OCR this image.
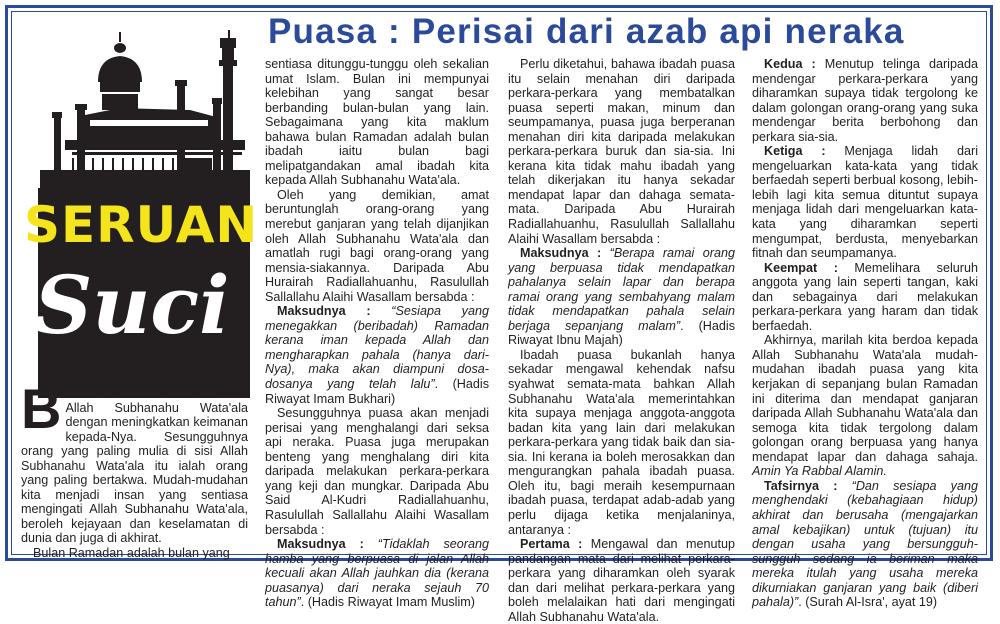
Puasa : Perisai dari azab api neraka
SERUAN
Suci

BERTAKWALAH kita ke hadrat Allah Subhanahu Wata'ala dengan meningkatkan keimanan kepada-Nya. Sesungguhnya orang yang paling mulia di sisi Allah Subhanahu Wata'ala itu ialah orang yang paling bertakwa. Mudah-mudahan kita menjadi insan yang sentiasa mengingati Allah Subhanahu Wata'ala, beroleh kejayaan dan keselamatan di dunia dan juga di akhirat.

Bulan Ramadan adalah bulan yang

sentiasa ditunggu-tunggu oleh sekalian umat Islam. Bulan ini mempunyai kelebihan yang sangat besar berbanding bulan-bulan yang lain. Sebagaimana yang kita maklum bahawa bulan Ramadan adalah bulan ibadah iaitu bulan bagi melipatgandakan amal ibadah kita kepada Allah Subhanahu Wata'ala.

Oleh yang demikian, amat beruntunglah orang-orang yang merebut ganjaran yang telah dijanjikan oleh Allah Subhanahu Wata'ala dan amatlah rugi bagi orang-orang yang mensia-siakannya. Daripada Abu Hurairah Radiallahuanhu, Rasulullah Sallallahu Alaihi Wasallam bersabda :

Maksudnya : “Sesiapa yang menegakkan (beribadah) Ramadan kerana iman kepada Allah dan mengharapkan pahala (hanya dari-Nya), maka akan diampuni dosa-dosanya yang telah lalu”. (Hadis Riwayat Imam Bukhari)

Sesungguhnya puasa akan menjadi perisai yang menghalangi dari seksa api neraka. Puasa juga merupakan benteng yang menghalang diri kita daripada melakukan perkara-perkara yang keji dan mungkar. Daripada Abu Said Al-Kudri Radiallahuanhu, Rasulullah Sallallahu Alaihi Wasallam bersabda :

Maksudnya : “Tidaklah seorang hamba yang berpuasa di jalan Allah kecuali akan Allah jauhkan dia (kerana puasanya) dari neraka sejauh 70 tahun”. (Hadis Riwayat Imam Muslim)

Perlu diketahui, bahawa ibadah puasa itu selain menahan diri daripada perkara-perkara yang membatalkan puasa seperti makan, minum dan seumpamanya, puasa juga berperanan menahan diri kita daripada melakukan perkara-perkara buruk dan sia-sia. Ini kerana kita tidak mahu ibadah yang telah dikerjakan itu hanya sekadar mendapat lapar dan dahaga semata-mata. Daripada Abu Hurairah Radiallahuanhu, Rasulullah Sallallahu Alaihi Wasallam bersabda :

Maksudnya : “Berapa ramai orang yang berpuasa tidak mendapatkan pahalanya selain lapar dan berapa ramai orang yang sembahyang malam tidak mendapatkan pahala selain berjaga sepanjang malam”. (Hadis Riwayat Ibnu Majah)

Ibadah puasa bukanlah hanya sekadar mengawal kehendak nafsu syahwat semata-mata bahkan Allah Subhanahu Wata'ala memerintahkan kita supaya menjaga anggota-anggota badan kita yang lain dari melakukan perkara-perkara yang tidak baik dan sia-sia. Ini kerana ia boleh merosakkan dan mengurangkan pahala ibadah puasa. Oleh itu, bagi meraih kesempurnaan ibadah puasa, terdapat adab-adab yang perlu dijaga ketika menjalaninya, antaranya :

Pertama : Mengawal dan menutup pandangan mata dari melihat perkara-perkara yang diharamkan oleh syarak dan dari melihat perkara-perkara yang boleh melalaikan hati dari mengingati Allah Subhanahu Wata'ala.

Kedua : Menutup telinga daripada mendengar perkara-perkara yang diharamkan supaya tidak tergolong ke dalam golongan orang-orang yang suka mendengar berita berbohong dan perkara sia-sia.

Ketiga : Menjaga lidah dari mengeluarkan kata-kata yang tidak berfaedah seperti berbual kosong, lebih-lebih lagi kita semua dituntut supaya menjaga lidah dari mengeluarkan kata-kata yang diharamkan seperti mengumpat, berdusta, menyebarkan fitnah dan seumpamanya.

Keempat : Memelihara seluruh anggota yang lain seperti tangan, kaki dan sebagainya dari melakukan perkara-perkara yang haram dan tidak berfaedah.

Akhirnya, marilah kita berdoa kepada Allah Subhanahu Wata'ala mudah-mudahan ibadah puasa yang kita kerjakan di sepanjang bulan Ramadan ini diterima dan mendapat ganjaran daripada Allah Subhanahu Wata'ala dan semoga kita tidak tergolong dalam golongan orang berpuasa yang hanya mendapat lapar dan dahaga sahaja. Amin Ya Rabbal Alamin.

Tafsirnya : “Dan sesiapa yang menghendaki (kebahagiaan hidup) akhirat dan berusaha (mengajarkan amal kebajikan) untuk (tujuan) itu dengan usaha yang bersungguh-sungguh sedang ia beriman maka mereka itulah yang usaha mereka dikurniakan ganjaran yang baik (diberi pahala)”. (Surah Al-Isra', ayat 19)
